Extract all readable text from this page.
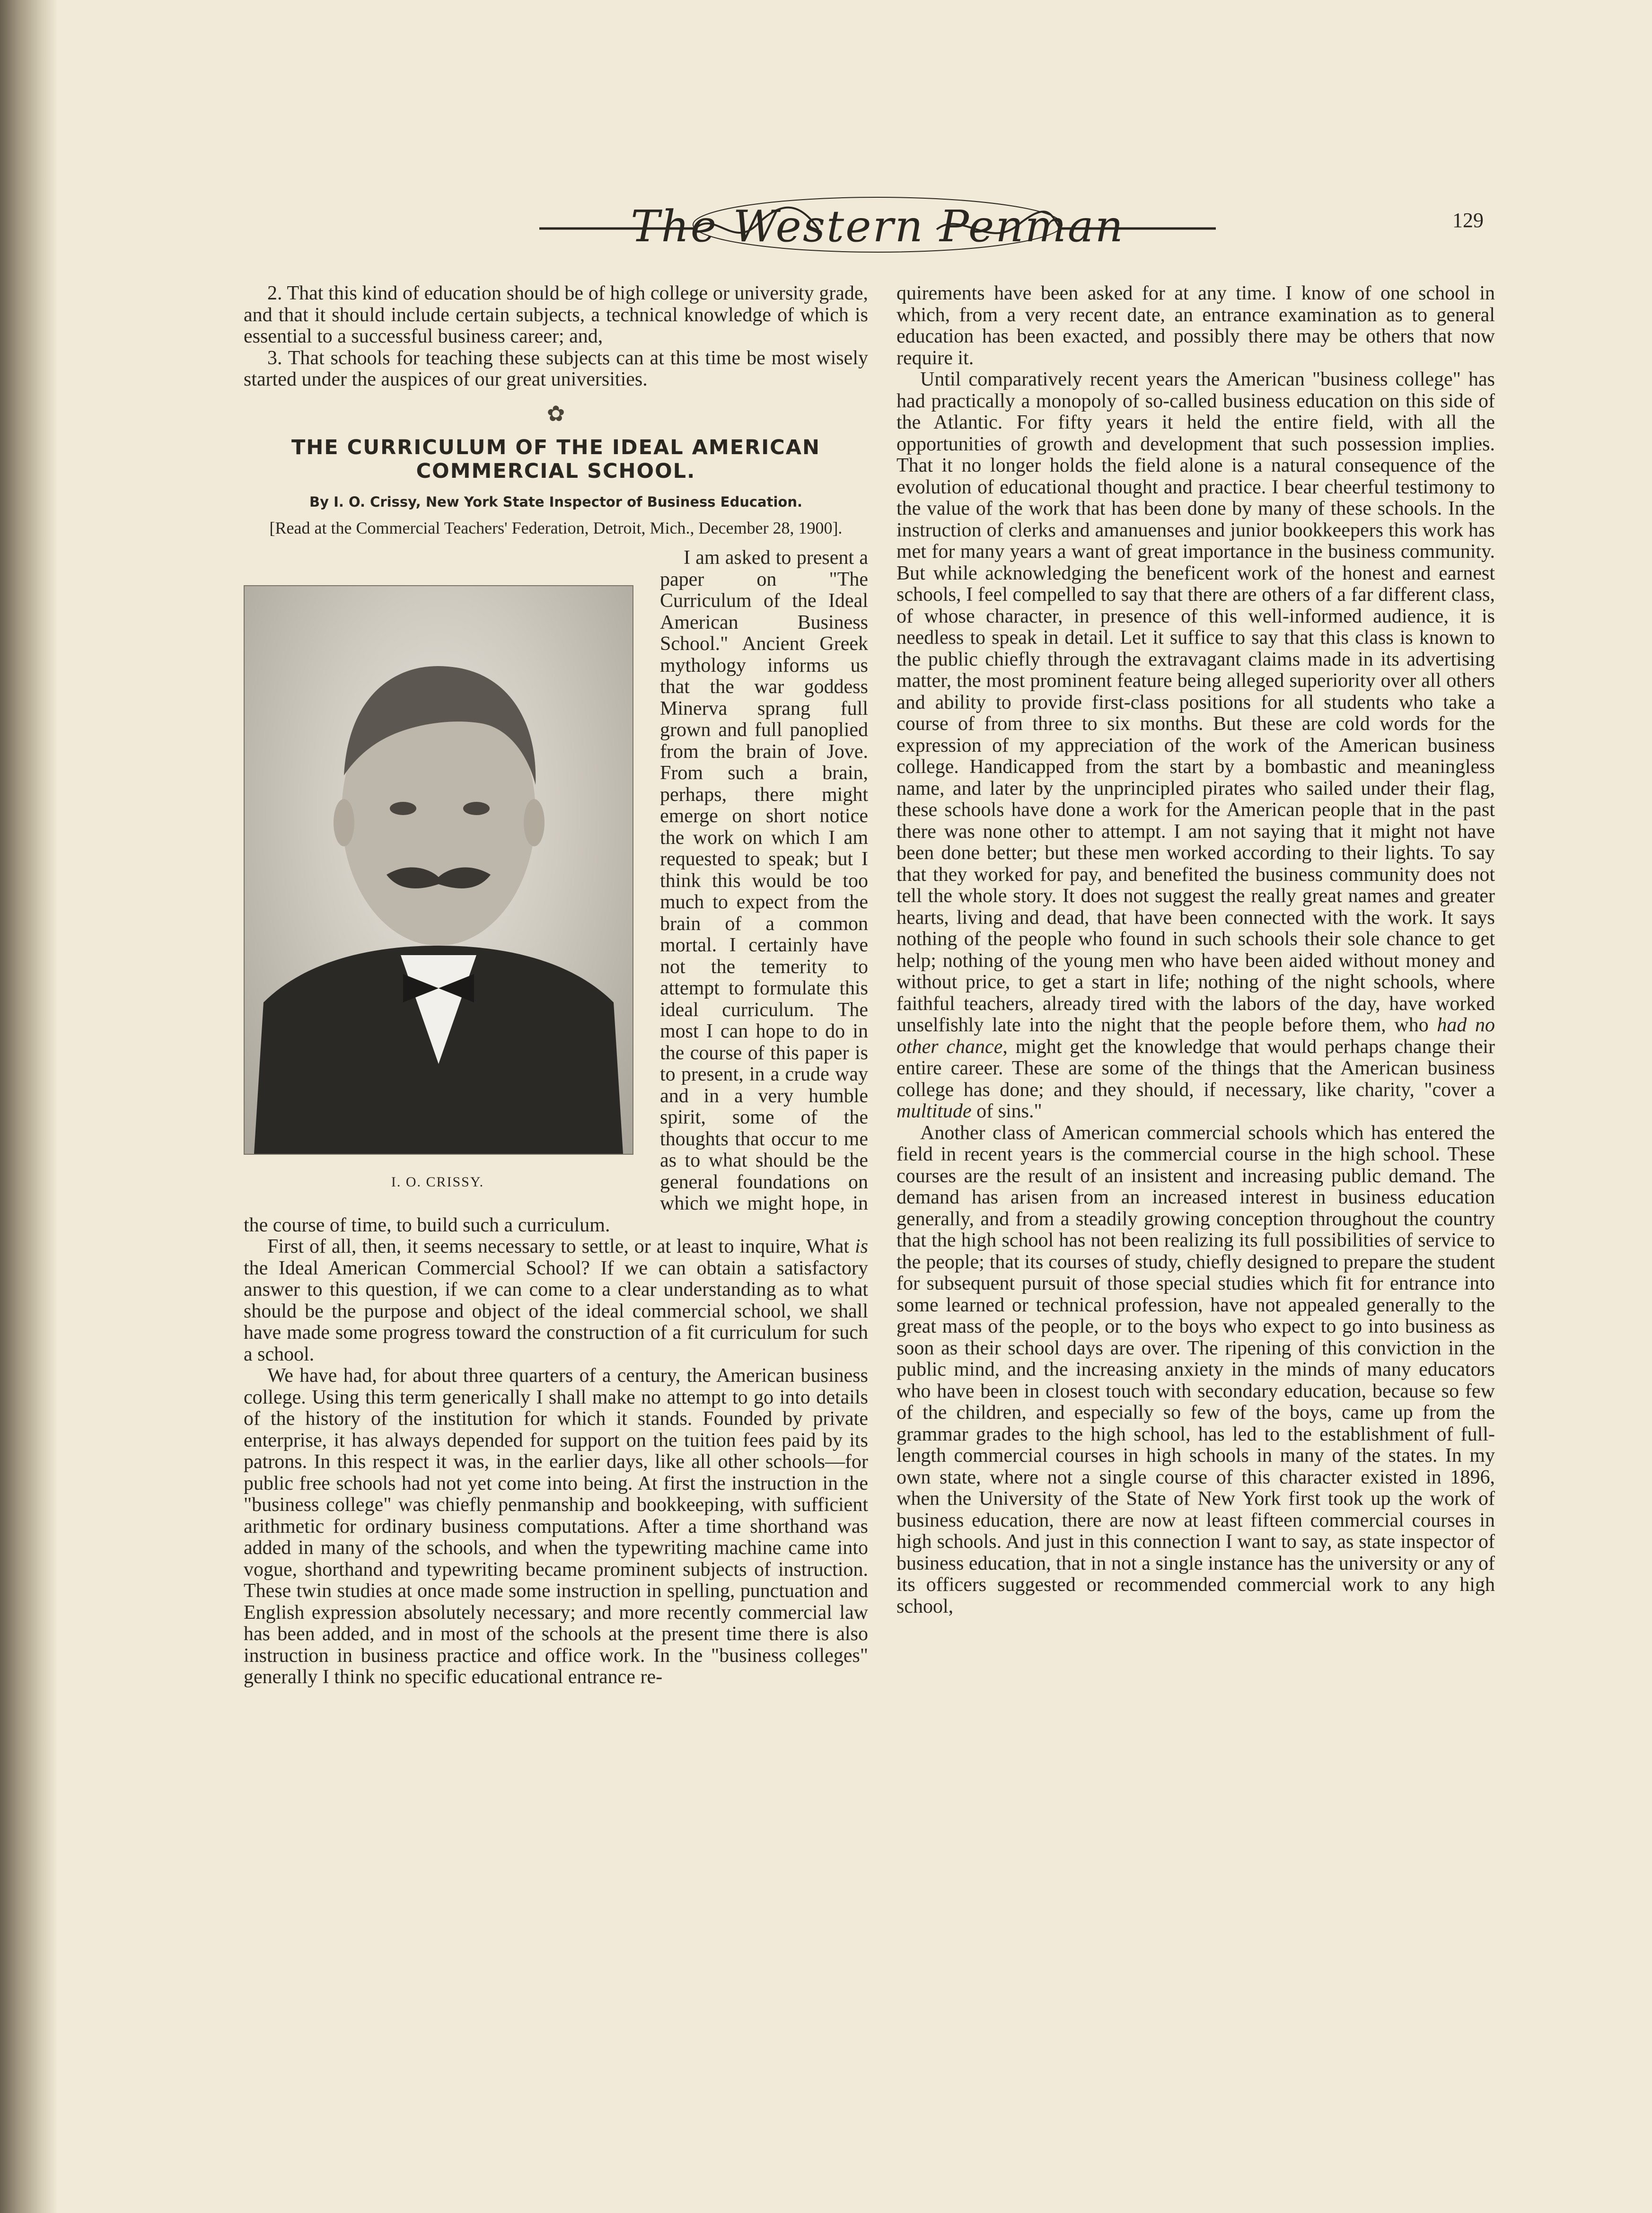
The Western Penman	129

2. That this kind of education should be of high college or university grade, and that it should include certain subjects, a technical knowledge of which is essential to a successful business career; and,

3. That schools for teaching these subjects can at this time be most wisely started under the auspices of our great universities.

✿
THE CURRICULUM OF THE IDEAL AMERICAN COMMERCIAL SCHOOL.
By I. O. Crissy, New York State Inspector of Business Education.
[Read at the Commercial Teachers' Federation, Detroit, Mich., December 28, 1900].
I. O. CRISSY.

I am asked to present a paper on "The Curriculum of the Ideal American Business School." Ancient Greek mythology informs us that the war goddess Minerva sprang full grown and full panoplied from the brain of Jove. From such a brain, perhaps, there might emerge on short notice the work on which I am requested to speak; but I think this would be too much to expect from the brain of a common mortal. I certainly have not the temerity to attempt to formulate this ideal curriculum. The most I can hope to do in the course of this paper is to present, in a crude way and in a very humble spirit, some of the thoughts that occur to me as to what should be the general foundations on which we might hope, in the course of time, to build such a curriculum.

First of all, then, it seems necessary to settle, or at least to inquire, What is the Ideal American Commercial School? If we can obtain a satisfactory answer to this question, if we can come to a clear understanding as to what should be the purpose and object of the ideal commercial school, we shall have made some progress toward the construction of a fit curriculum for such a school.

We have had, for about three quarters of a century, the American business college. Using this term generically I shall make no attempt to go into details of the history of the institution for which it stands. Founded by private enterprise, it has always depended for support on the tuition fees paid by its patrons. In this respect it was, in the earlier days, like all other schools—for public free schools had not yet come into being. At first the instruction in the "business college" was chiefly penmanship and bookkeeping, with sufficient arithmetic for ordinary business computations. After a time shorthand was added in many of the schools, and when the typewriting machine came into vogue, shorthand and typewriting became prominent subjects of instruction. These twin studies at once made some instruction in spelling, punctuation and English expression absolutely necessary; and more recently commercial law has been added, and in most of the schools at the present time there is also instruction in business practice and office work. In the "business colleges" generally I think no specific educational entrance re-

quirements have been asked for at any time. I know of one school in which, from a very recent date, an entrance examination as to general education has been exacted, and possibly there may be others that now require it.

Until comparatively recent years the American "business college" has had practically a monopoly of so-called business education on this side of the Atlantic. For fifty years it held the entire field, with all the opportunities of growth and development that such possession implies. That it no longer holds the field alone is a natural consequence of the evolution of educational thought and practice. I bear cheerful testimony to the value of the work that has been done by many of these schools. In the instruction of clerks and amanuenses and junior bookkeepers this work has met for many years a want of great importance in the business community. But while acknowledging the beneficent work of the honest and earnest schools, I feel compelled to say that there are others of a far different class, of whose character, in presence of this well-informed audience, it is needless to speak in detail. Let it suffice to say that this class is known to the public chiefly through the extravagant claims made in its advertising matter, the most prominent feature being alleged superiority over all others and ability to provide first-class positions for all students who take a course of from three to six months. But these are cold words for the expression of my appreciation of the work of the American business college. Handicapped from the start by a bombastic and meaningless name, and later by the unprincipled pirates who sailed under their flag, these schools have done a work for the American people that in the past there was none other to attempt. I am not saying that it might not have been done better; but these men worked according to their lights. To say that they worked for pay, and benefited the business community does not tell the whole story. It does not suggest the really great names and greater hearts, living and dead, that have been connected with the work. It says nothing of the people who found in such schools their sole chance to get help; nothing of the young men who have been aided without money and without price, to get a start in life; nothing of the night schools, where faithful teachers, already tired with the labors of the day, have worked unselfishly late into the night that the people before them, who had no other chance, might get the knowledge that would perhaps change their entire career. These are some of the things that the American business college has done; and they should, if necessary, like charity, "cover a multitude of sins."

Another class of American commercial schools which has entered the field in recent years is the commercial course in the high school. These courses are the result of an insistent and increasing public demand. The demand has arisen from an increased interest in business education generally, and from a steadily growing conception throughout the country that the high school has not been realizing its full possibilities of service to the people; that its courses of study, chiefly designed to prepare the student for subsequent pursuit of those special studies which fit for entrance into some learned or technical profession, have not appealed generally to the great mass of the people, or to the boys who expect to go into business as soon as their school days are over. The ripening of this conviction in the public mind, and the increasing anxiety in the minds of many educators who have been in closest touch with secondary education, because so few of the children, and especially so few of the boys, came up from the grammar grades to the high school, has led to the establishment of full-length commercial courses in high schools in many of the states. In my own state, where not a single course of this character existed in 1896, when the University of the State of New York first took up the work of business education, there are now at least fifteen commercial courses in high schools. And just in this connection I want to say, as state inspector of business education, that in not a single instance has the university or any of its officers suggested or recommended commercial work to any high school,
